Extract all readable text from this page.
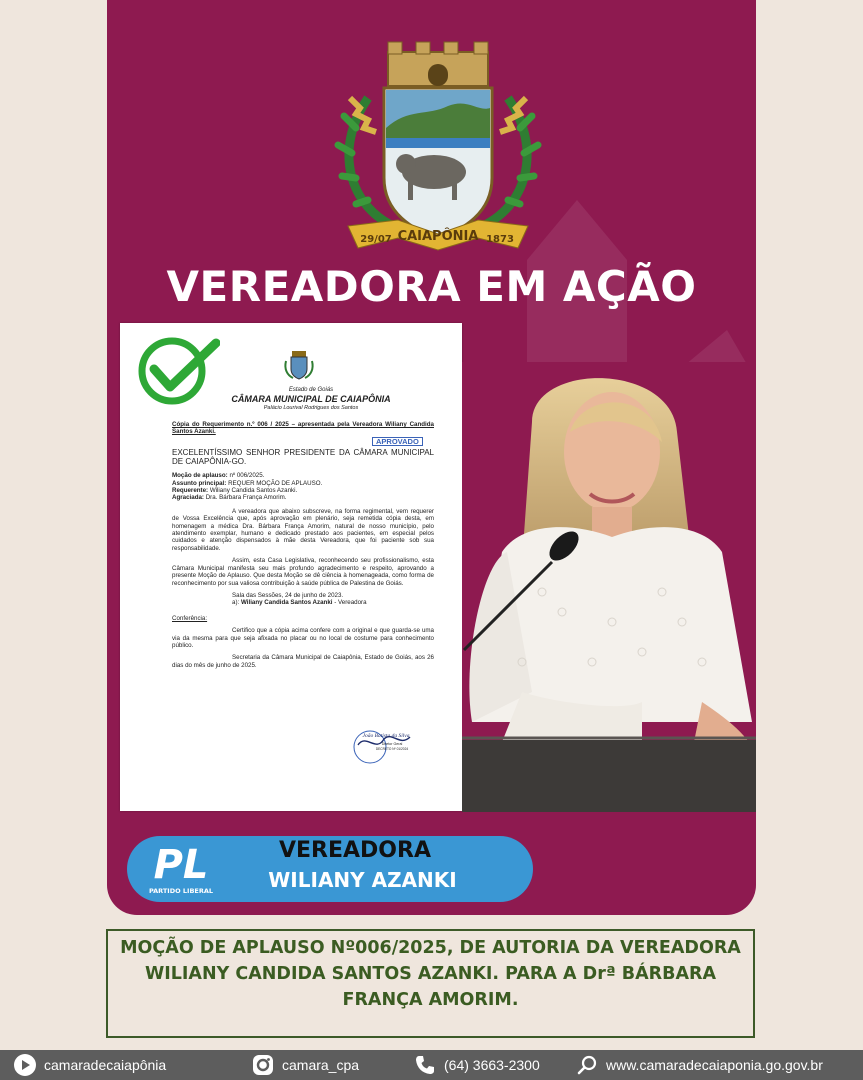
CAIAPÔNIA
29/07	1873
VEREADORA EM AÇÃO
Estado de Goiás
CÂMARA MUNICIPAL DE CAIAPÔNIA
Palácio Lourival Rodrigues dos Santos

Cópia do Requerimento n.º 006 / 2025 – apresentada pela Vereadora Wiliany Candida Santos Azanki.

APROVADO

EXCELENTÍSSIMO SENHOR PRESIDENTE DA CÂMARA MUNICIPAL DE CAIAPÔNIA-GO.

Moção de aplauso: nº 006/2025.
Assunto principal: REQUER MOÇÃO DE APLAUSO.
Requerente: Wiliany Candida Santos Azanki.
Agraciada: Dra. Bárbara França Amorim.

A vereadora que abaixo subscreve, na forma regimental, vem requerer de Vossa Excelência que, após aprovação em plenário, seja remetida cópia desta, em homenagem a médica Dra. Bárbara França Amorim, natural de nosso município, pelo atendimento exemplar, humano e dedicado prestado aos pacientes, em especial pelos cuidados e atenção dispensados à mãe desta Vereadora, que foi paciente sob sua responsabilidade.

Assim, esta Casa Legislativa, reconhecendo seu profissionalismo, esta Câmara Municipal manifesta seu mais profundo agradecimento e respeito, aprovando a presente Moção de Aplauso. Que desta Moção se dê ciência à homenageada, como forma de reconhecimento por sua valiosa contribuição à saúde pública de Palestina de Goiás.

Sala das Sessões, 24 de junho de 2023.
a): Wiliany Candida Santos Azanki - Vereadora

Conferência:

Certifico que a cópia acima confere com a original e que guarda-se uma via da mesma para que seja afixada no placar ou no local de costume para conhecimento público.

Secretaria da Câmara Municipal de Caiapônia, Estado de Goiás, aos 26 dias do mês de junho de 2025.

João Batista da Silva
Diretor Geral
DECRETO Nº 01/2024
PL
PARTIDO LIBERAL
VEREADORA
WILIANY AZANKI
MOÇÃO DE APLAUSO Nº006/2025, DE AUTORIA DA VEREADORA
WILIANY CANDIDA SANTOS AZANKI. PARA A Drª BÁRBARA
FRANÇA AMORIM.
camaradecaiapônia	camara_cpa	(64) 3663-2300	www.camaradecaiaponia.go.gov.br
